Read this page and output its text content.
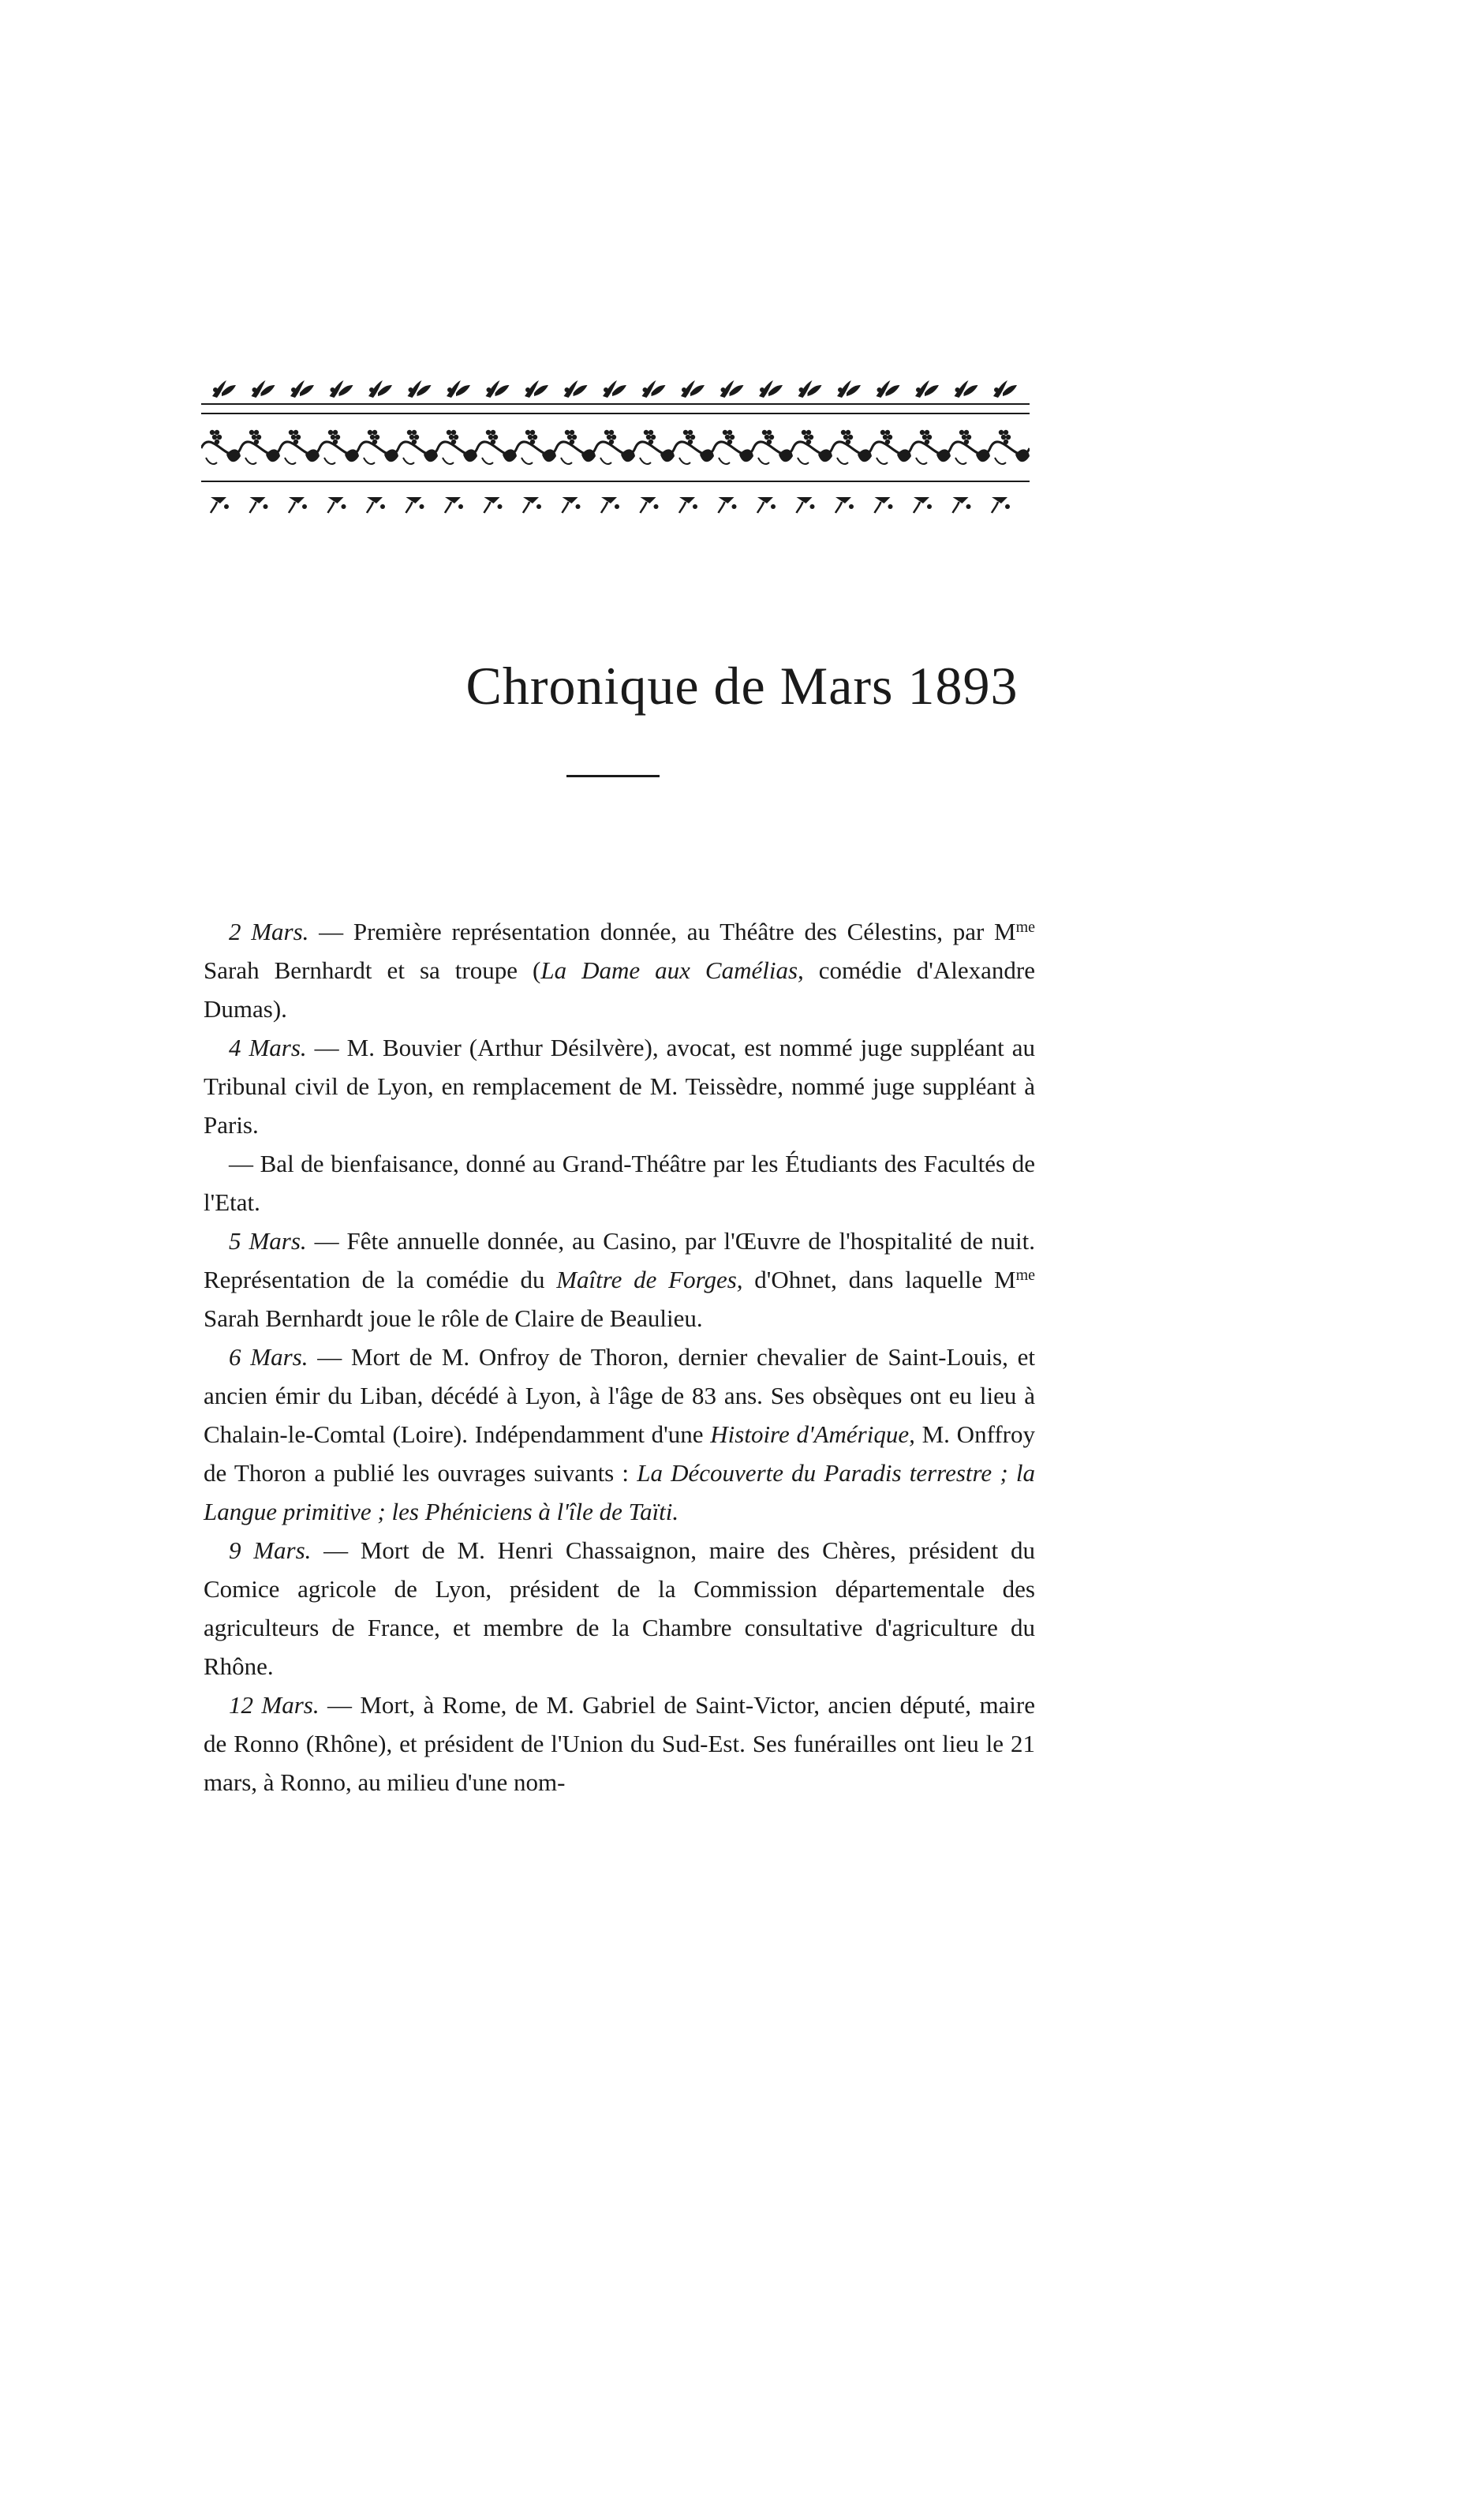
Chronique de Mars 1893

2 Mars. — Première représentation donnée, au Théâtre des Célestins, par $M^{me}$ Sarah Bernhardt et sa troupe (La Dame aux Camélias, comédie d'Alexandre Dumas).

4 Mars. — M. Bouvier (Arthur Désilvère), avocat, est nommé juge suppléant au Tribunal civil de Lyon, en remplacement de M. Teissèdre, nommé juge suppléant à Paris.

— Bal de bienfaisance, donné au Grand-Théâtre par les Étudiants des Facultés de l'Etat.

5 Mars. — Fête annuelle donnée, au Casino, par l'Œuvre de l'hospitalité de nuit. Représentation de la comédie du Maître de Forges, d'Ohnet, dans laquelle $M^{me}$ Sarah Bernhardt joue le rôle de Claire de Beaulieu.

6 Mars. — Mort de M. Onfroy de Thoron, dernier chevalier de Saint-Louis, et ancien émir du Liban, décédé à Lyon, à l'âge de 83 ans. Ses obsèques ont eu lieu à Chalain-le-Comtal (Loire). Indépendamment d'une Histoire d'Amérique, M. Onffroy de Thoron a publié les ouvrages suivants : La Découverte du Paradis terrestre ; la Langue primitive ; les Phéniciens à l'île de Taïti.

9 Mars. — Mort de M. Henri Chassaignon, maire des Chères, président du Comice agricole de Lyon, président de la Commission départementale des agriculteurs de France, et membre de la Chambre consultative d'agriculture du Rhône.

12 Mars. — Mort, à Rome, de M. Gabriel de Saint-Victor, ancien député, maire de Ronno (Rhône), et président de l'Union du Sud-Est. Ses funérailles ont lieu le 21 mars, à Ronno, au milieu d'une nom-
